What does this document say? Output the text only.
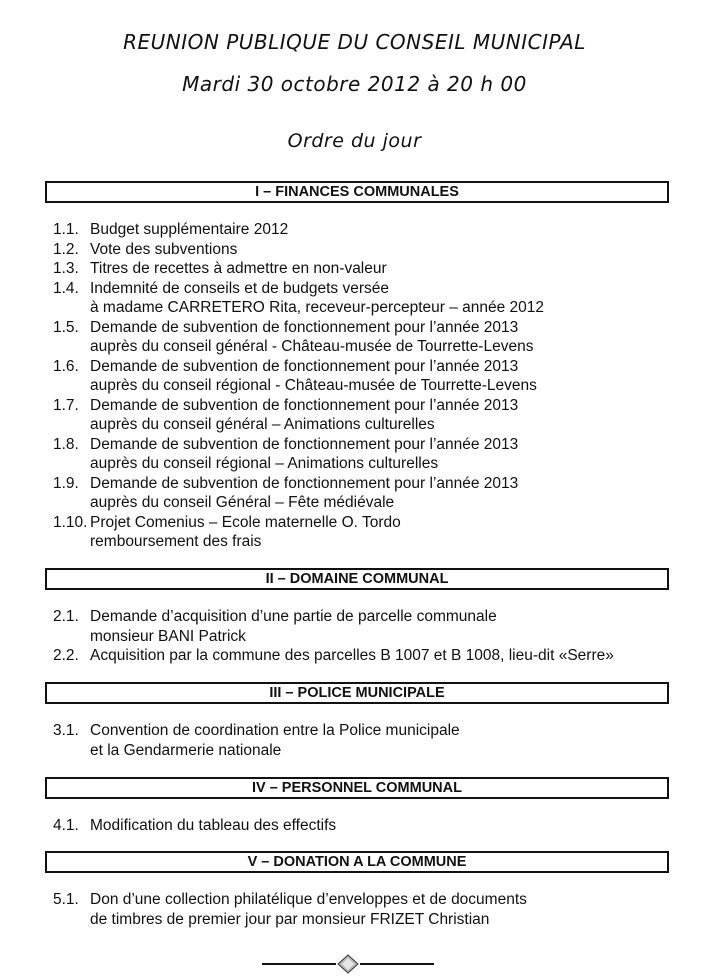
REUNION PUBLIQUE DU CONSEIL MUNICIPAL
Mardi 30 octobre 2012 à 20 h 00
Ordre du jour
I – FINANCES COMMUNALES
1.1. Budget supplémentaire 2012
1.2. Vote des subventions
1.3. Titres de recettes à admettre en non-valeur
1.4. Indemnité de conseils et de budgets versée
à madame CARRETERO Rita, receveur-percepteur – année 2012
1.5. Demande de subvention de fonctionnement pour l’année 2013
auprès du conseil général - Château-musée de Tourrette-Levens
1.6. Demande de subvention de fonctionnement pour l’année 2013
auprès du conseil régional - Château-musée de Tourrette-Levens
1.7. Demande de subvention de fonctionnement pour l’année 2013
auprès du conseil général – Animations culturelles
1.8. Demande de subvention de fonctionnement pour l’année 2013
auprès du conseil régional – Animations culturelles
1.9. Demande de subvention de fonctionnement pour l’année 2013
auprès du conseil Général – Fête médiévale
1.10. Projet Comenius – Ecole maternelle O. Tordo
remboursement des frais
II – DOMAINE COMMUNAL
2.1. Demande d’acquisition d’une partie de parcelle communale
monsieur BANI Patrick
2.2. Acquisition par la commune des parcelles B 1007 et B 1008, lieu-dit «Serre»
III – POLICE MUNICIPALE
3.1. Convention de coordination entre la Police municipale
et la Gendarmerie nationale
IV – PERSONNEL COMMUNAL
4.1. Modification du tableau des effectifs
V – DONATION A LA COMMUNE
5.1. Don d’une collection philatélique d’enveloppes et de documents
de timbres de premier jour par monsieur FRIZET Christian
